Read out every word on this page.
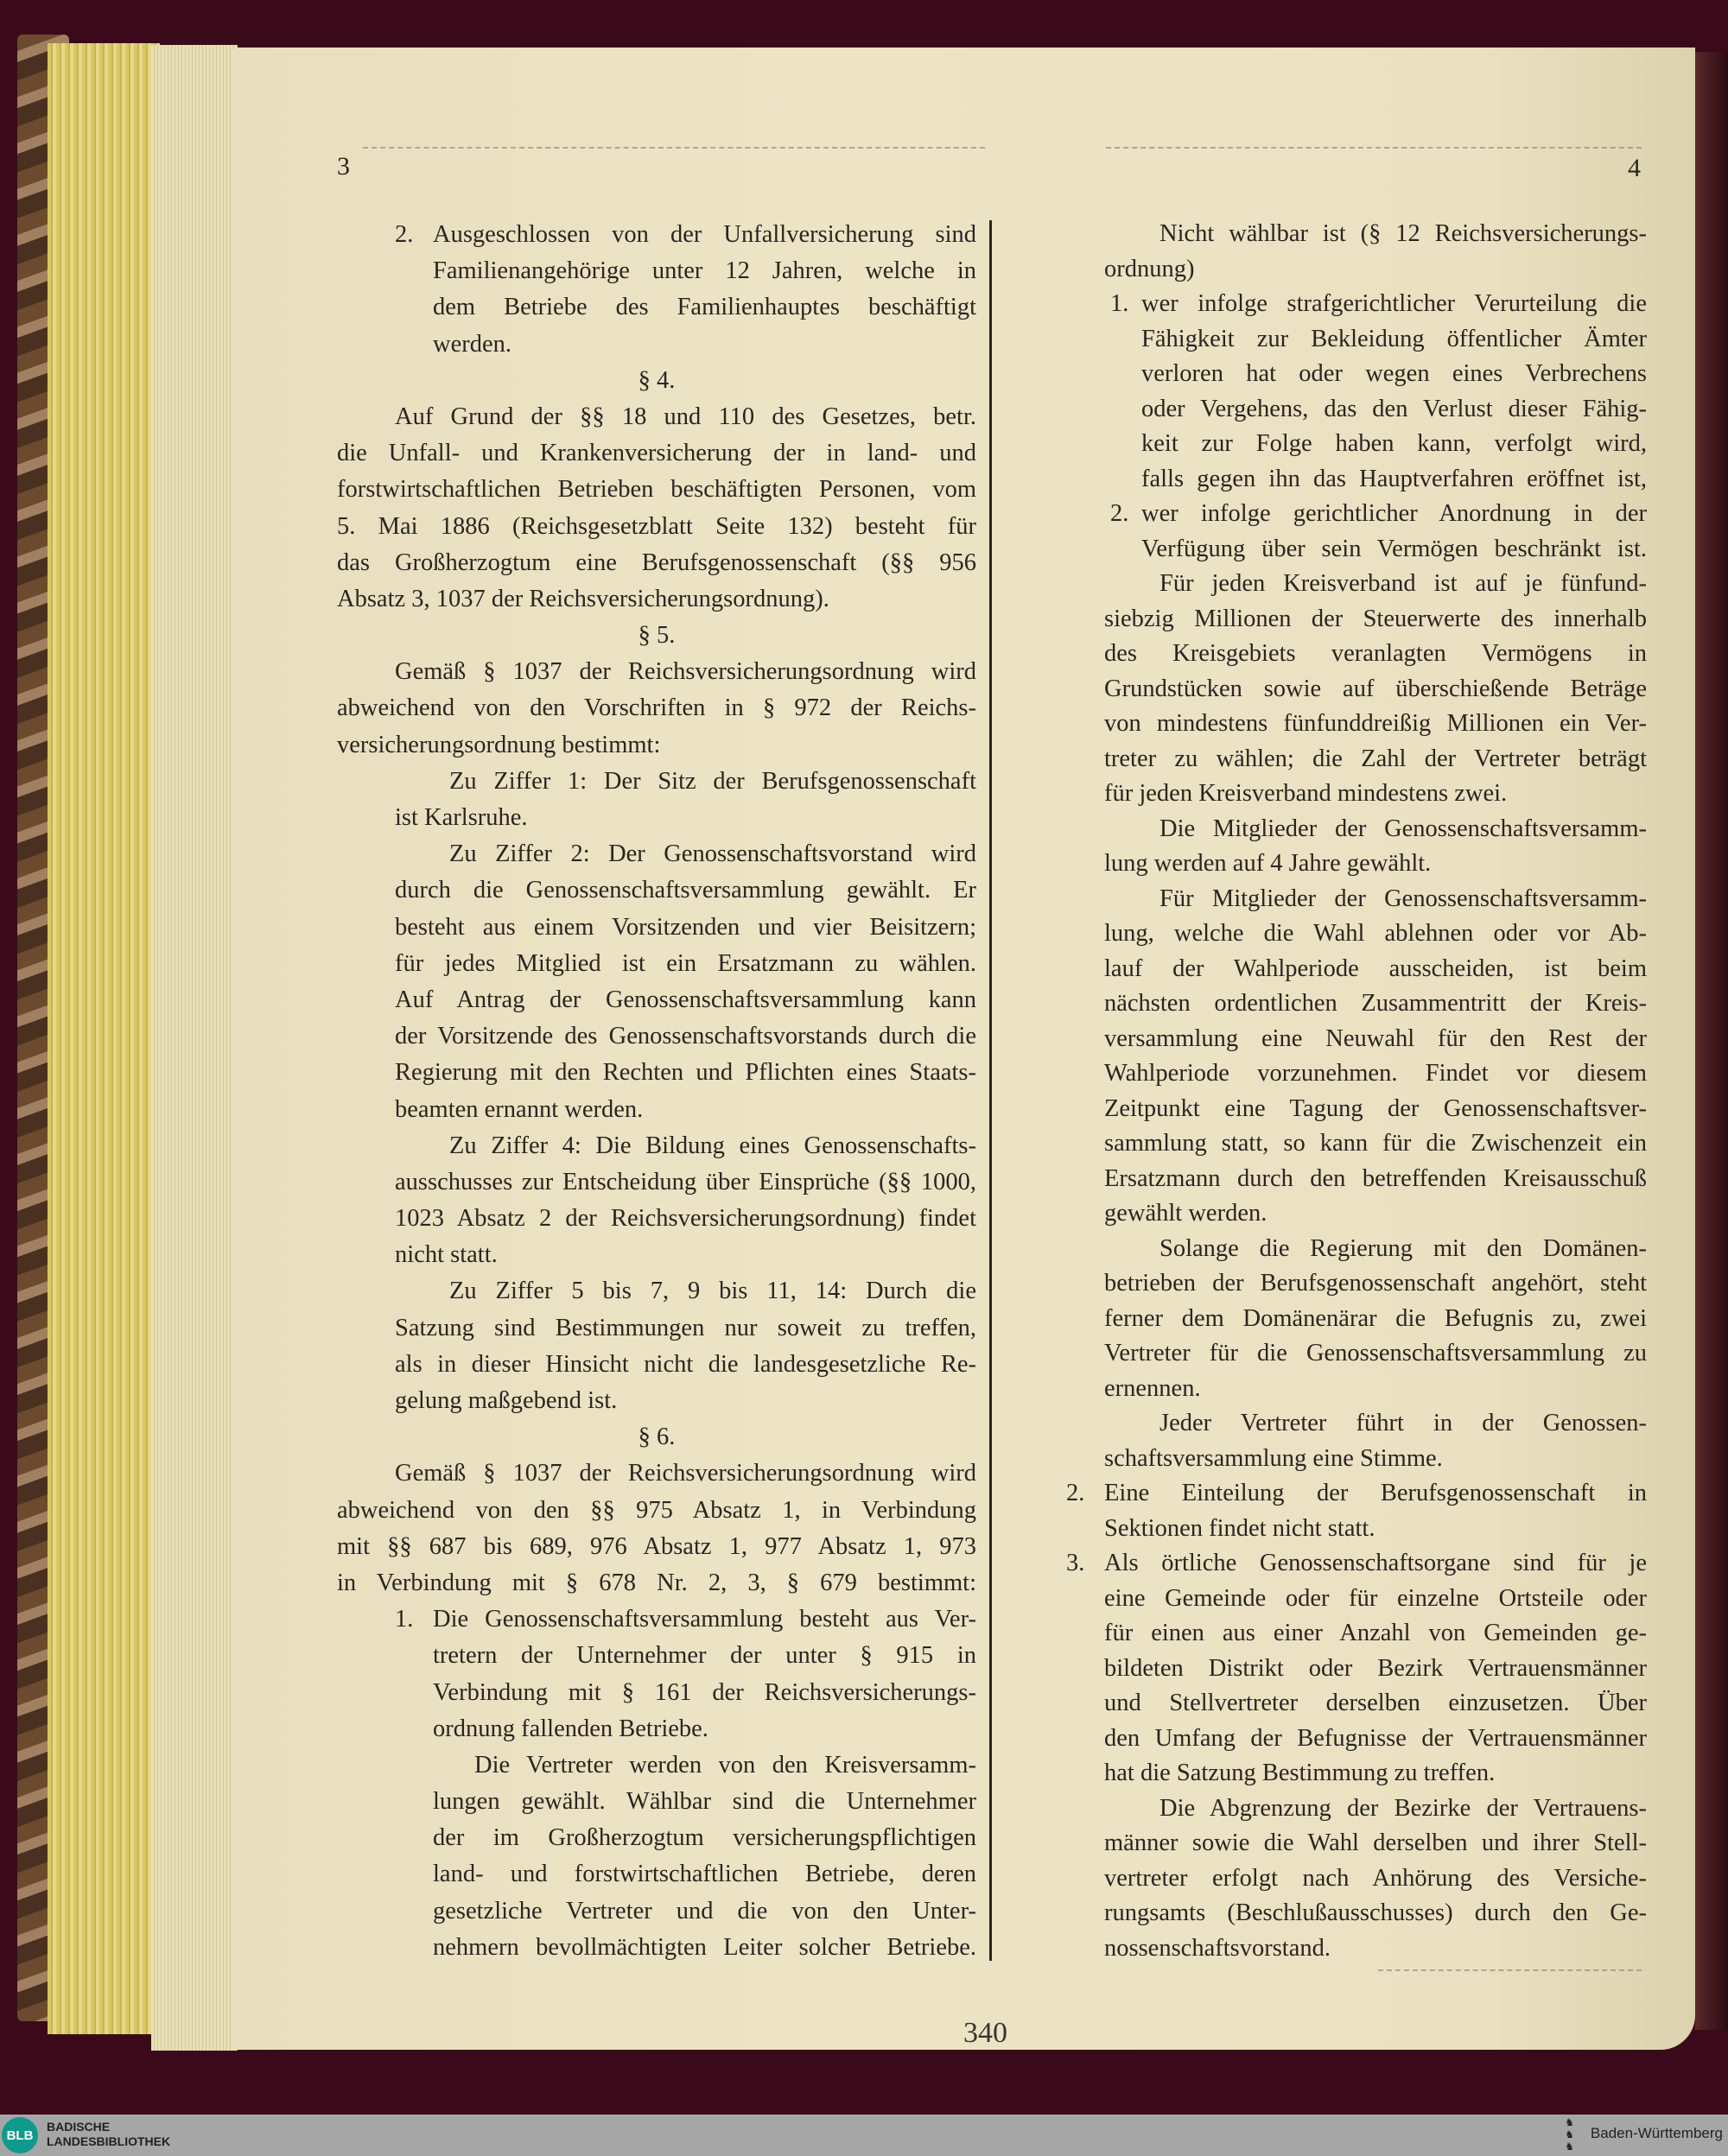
3	4
2. Ausgeschlossen von der Unfallversicherung sind
Familienangehörige unter 12 Jahren, welche in
dem Betriebe des Familienhauptes beschäftigt
werden.
§ 4.
Auf Grund der §§ 18 und 110 des Gesetzes, betr.
die Unfall- und Krankenversicherung der in land- und
forstwirtschaftlichen Betrieben beschäftigten Personen, vom
5. Mai 1886 (Reichsgesetzblatt Seite 132) besteht für
das Großherzogtum eine Berufsgenossenschaft (§§ 956
Absatz 3, 1037 der Reichsversicherungsordnung).
§ 5.
Gemäß § 1037 der Reichsversicherungsordnung wird
abweichend von den Vorschriften in § 972 der Reichs-
versicherungsordnung bestimmt:
Zu Ziffer 1: Der Sitz der Berufsgenossenschaft
ist Karlsruhe.
Zu Ziffer 2: Der Genossenschaftsvorstand wird
durch die Genossenschaftsversammlung gewählt. Er
besteht aus einem Vorsitzenden und vier Beisitzern;
für jedes Mitglied ist ein Ersatzmann zu wählen.
Auf Antrag der Genossenschaftsversammlung kann
der Vorsitzende des Genossenschaftsvorstands durch die
Regierung mit den Rechten und Pflichten eines Staats-
beamten ernannt werden.
Zu Ziffer 4: Die Bildung eines Genossenschafts-
ausschusses zur Entscheidung über Einsprüche (§§ 1000,
1023 Absatz 2 der Reichsversicherungsordnung) findet
nicht statt.
Zu Ziffer 5 bis 7, 9 bis 11, 14: Durch die
Satzung sind Bestimmungen nur soweit zu treffen,
als in dieser Hinsicht nicht die landesgesetzliche Re-
gelung maßgebend ist.
§ 6.
Gemäß § 1037 der Reichsversicherungsordnung wird
abweichend von den §§ 975 Absatz 1, in Verbindung
mit §§ 687 bis 689, 976 Absatz 1, 977 Absatz 1, 973
in Verbindung mit § 678 Nr. 2, 3, § 679 bestimmt:
1. Die Genossenschaftsversammlung besteht aus Ver-
tretern der Unternehmer der unter § 915 in
Verbindung mit § 161 der Reichsversicherungs-
ordnung fallenden Betriebe.
Die Vertreter werden von den Kreisversamm-
lungen gewählt. Wählbar sind die Unternehmer
der im Großherzogtum versicherungspflichtigen
land- und forstwirtschaftlichen Betriebe, deren
gesetzliche Vertreter und die von den Unter-
nehmern bevollmächtigten Leiter solcher Betriebe.
Nicht wählbar ist (§ 12 Reichsversicherungs-
ordnung)
1. wer infolge strafgerichtlicher Verurteilung die
Fähigkeit zur Bekleidung öffentlicher Ämter
verloren hat oder wegen eines Verbrechens
oder Vergehens, das den Verlust dieser Fähig-
keit zur Folge haben kann, verfolgt wird,
falls gegen ihn das Hauptverfahren eröffnet ist,
2. wer infolge gerichtlicher Anordnung in der
Verfügung über sein Vermögen beschränkt ist.
Für jeden Kreisverband ist auf je fünfund-
siebzig Millionen der Steuerwerte des innerhalb
des Kreisgebiets veranlagten Vermögens in
Grundstücken sowie auf überschießende Beträge
von mindestens fünfunddreißig Millionen ein Ver-
treter zu wählen; die Zahl der Vertreter beträgt
für jeden Kreisverband mindestens zwei.
Die Mitglieder der Genossenschaftsversamm-
lung werden auf 4 Jahre gewählt.
Für Mitglieder der Genossenschaftsversamm-
lung, welche die Wahl ablehnen oder vor Ab-
lauf der Wahlperiode ausscheiden, ist beim
nächsten ordentlichen Zusammentritt der Kreis-
versammlung eine Neuwahl für den Rest der
Wahlperiode vorzunehmen. Findet vor diesem
Zeitpunkt eine Tagung der Genossenschaftsver-
sammlung statt, so kann für die Zwischenzeit ein
Ersatzmann durch den betreffenden Kreisausschuß
gewählt werden.
Solange die Regierung mit den Domänen-
betrieben der Berufsgenossenschaft angehört, steht
ferner dem Domänenärar die Befugnis zu, zwei
Vertreter für die Genossenschaftsversammlung zu
ernennen.
Jeder Vertreter führt in der Genossen-
schaftsversammlung eine Stimme.
2. Eine Einteilung der Berufsgenossenschaft in
Sektionen findet nicht statt.
3. Als örtliche Genossenschaftsorgane sind für je
eine Gemeinde oder für einzelne Ortsteile oder
für einen aus einer Anzahl von Gemeinden ge-
bildeten Distrikt oder Bezirk Vertrauensmänner
und Stellvertreter derselben einzusetzen. Über
den Umfang der Befugnisse der Vertrauensmänner
hat die Satzung Bestimmung zu treffen.
Die Abgrenzung der Bezirke der Vertrauens-
männer sowie die Wahl derselben und ihrer Stell-
vertreter erfolgt nach Anhörung des Versiche-
rungsamts (Beschlußausschusses) durch den Ge-
nossenschaftsvorstand.
340
BLB
BADISCHE
LANDESBIBLIOTHEK
♞
♞
♞
Baden-Württemberg
